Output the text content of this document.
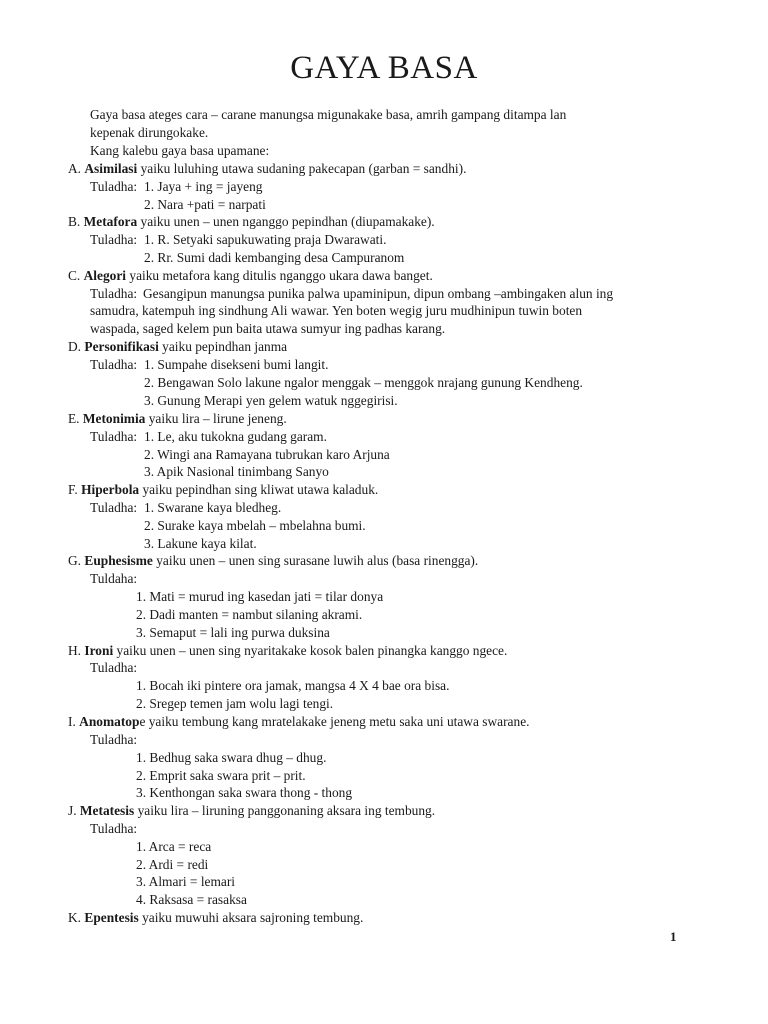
GAYA BASA
Gaya basa ateges cara – carane manungsa migunakake basa, amrih gampang ditampa lan
kepenak dirungokake.
Kang kalebu gaya basa upamane:
A. Asimilasi yaiku luluhing utawa sudaning pakecapan (garban = sandhi).
Tuladha: 1. Jaya + ing = jayeng
2. Nara +pati = narpati
B. Metafora yaiku unen – unen nganggo pepindhan (diupamakake).
Tuladha: 1. R. Setyaki sapukuwating praja Dwarawati.
2. Rr. Sumi dadi kembanging desa Campuranom
C. Alegori yaiku metafora kang ditulis nganggo ukara dawa banget.
Tuladha: Gesangipun manungsa punika palwa upaminipun, dipun ombang –ambingaken alun ing
samudra, katempuh ing sindhung Ali wawar. Yen boten wegig juru mudhinipun tuwin boten
waspada, saged kelem pun baita utawa sumyur ing padhas karang.
D. Personifikasi yaiku pepindhan janma
Tuladha: 1. Sumpahe disekseni bumi langit.
2. Bengawan Solo lakune ngalor menggak – menggok nrajang gunung Kendheng.
3. Gunung Merapi yen gelem watuk nggegirisi.
E. Metonimia yaiku lira – lirune jeneng.
Tuladha: 1. Le, aku tukokna gudang garam.
2. Wingi ana Ramayana tubrukan karo Arjuna
3. Apik Nasional tinimbang Sanyo
F. Hiperbola yaiku pepindhan sing kliwat utawa kaladuk.
Tuladha: 1. Swarane kaya bledheg.
2. Surake kaya mbelah – mbelahna bumi.
3. Lakune kaya kilat.
G. Euphesisme yaiku unen – unen sing surasane luwih alus (basa rinengga).
Tuldaha:
1. Mati = murud ing kasedan jati = tilar donya
2. Dadi manten = nambut silaning akrami.
3. Semaput = lali ing purwa duksina
H. Ironi yaiku unen – unen sing nyaritakake kosok balen pinangka kanggo ngece.
Tuladha:
1. Bocah iki pintere ora jamak, mangsa 4 X 4 bae ora bisa.
2. Sregep temen jam wolu lagi tengi.
I. Anomatope yaiku tembung kang mratelakake jeneng metu saka uni utawa swarane.
Tuladha:
1. Bedhug saka swara dhug – dhug.
2. Emprit saka swara prit – prit.
3. Kenthongan saka swara thong - thong
J. Metatesis yaiku lira – liruning panggonaning aksara ing tembung.
Tuladha:
1. Arca = reca
2. Ardi = redi
3. Almari = lemari
4. Raksasa = rasaksa
K. Epentesis yaiku muwuhi aksara sajroning tembung.
1
